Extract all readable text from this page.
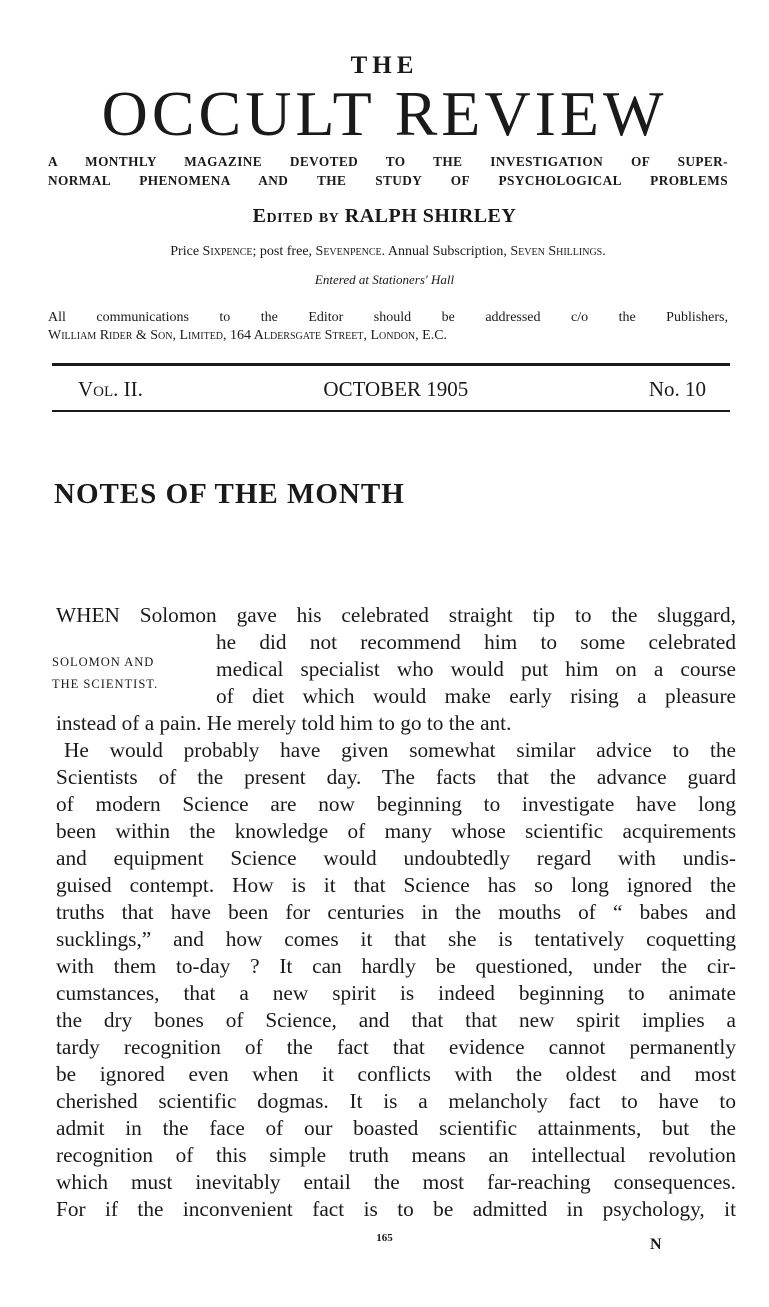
THE
OCCULT REVIEW
A MONTHLY MAGAZINE DEVOTED TO THE INVESTIGATION OF SUPER-
NORMAL PHENOMENA AND THE STUDY OF PSYCHOLOGICAL PROBLEMS
Edited by RALPH SHIRLEY
Price Sixpence; post free, Sevenpence. Annual Subscription, Seven Shillings.
Entered at Stationers' Hall
All communications to the Editor should be addressed c/o the Publishers,
William Rider & Son, Limited, 164 Aldersgate Street, London, E.C.
Vol. II.	OCTOBER 1905	No. 10
NOTES OF THE MONTH
WHEN Solomon gave his celebrated straight tip to the sluggard,
SOLOMON AND
THE SCIENTIST.
he did not recommend him to some celebrated
medical specialist who would put him on a course
of diet which would make early rising a pleasure
instead of a pain. He merely told him to go to the ant.
He would probably have given somewhat similar advice to the
Scientists of the present day. The facts that the advance guard
of modern Science are now beginning to investigate have long
been within the knowledge of many whose scientific acquirements
and equipment Science would undoubtedly regard with undis-
guised contempt. How is it that Science has so long ignored the
truths that have been for centuries in the mouths of “ babes and
sucklings,” and how comes it that she is tentatively coquetting
with them to-day ? It can hardly be questioned, under the cir-
cumstances, that a new spirit is indeed beginning to animate
the dry bones of Science, and that that new spirit implies a
tardy recognition of the fact that evidence cannot permanently
be ignored even when it conflicts with the oldest and most
cherished scientific dogmas. It is a melancholy fact to have to
admit in the face of our boasted scientific attainments, but the
recognition of this simple truth means an intellectual revolution
which must inevitably entail the most far-reaching consequences.
For if the inconvenient fact is to be admitted in psychology, it
165	N
